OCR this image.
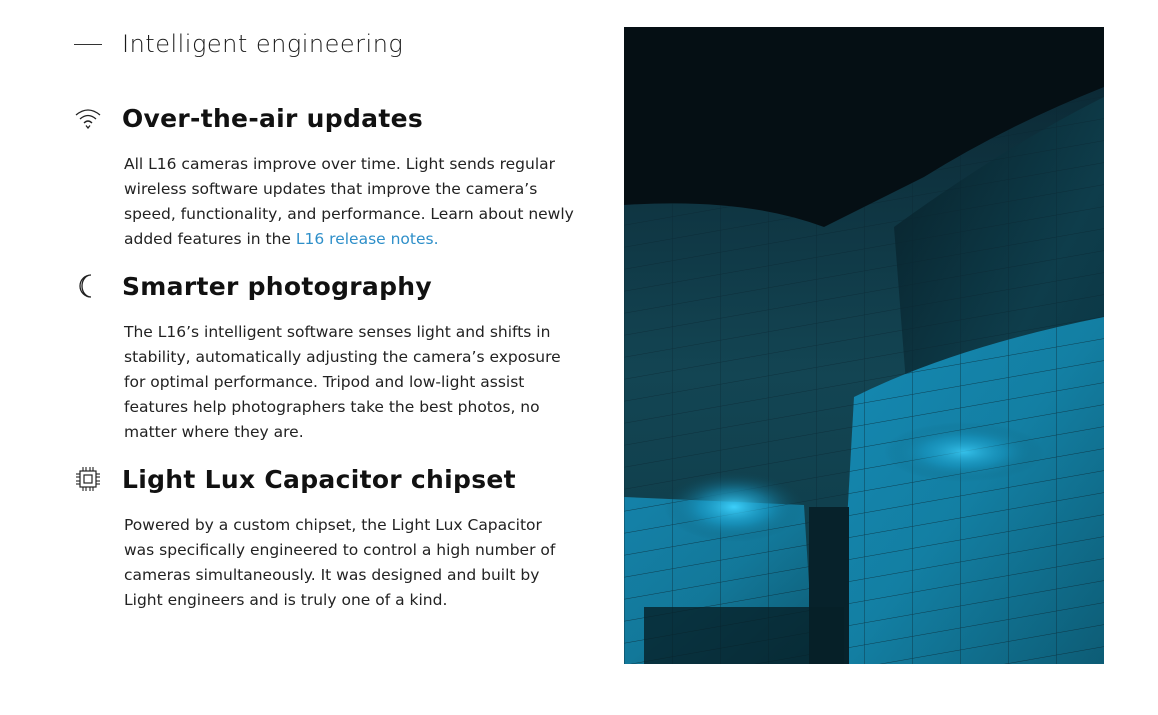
Intelligent engineering
Over-the-air updates
All L16 cameras improve over time. Light sends regular wireless software updates that improve the camera’s speed, functionality, and performance. Learn about newly added features in the L16 release notes.
Smarter photography
The L16’s intelligent software senses light and shifts in stability, automatically adjusting the camera’s exposure for optimal performance. Tripod and low-light assist features help photographers take the best photos, no matter where they are.
Light Lux Capacitor chipset
Powered by a custom chipset, the Light Lux Capacitor was specifically engineered to control a high number of cameras simultaneously. It was designed and built by Light engineers and is truly one of a kind.
